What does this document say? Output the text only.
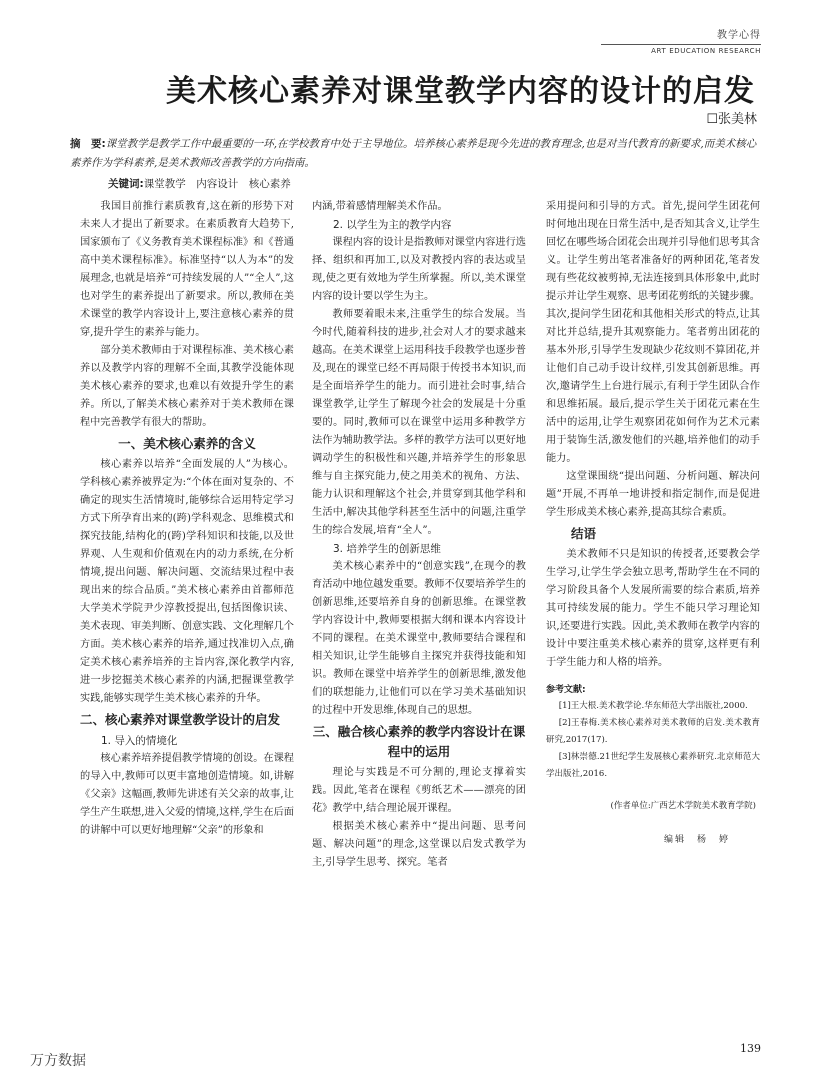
教学心得
ART EDUCATION RESEARCH
美术核心素养对课堂教学内容的设计的启发
☐张美林
摘　要:课堂教学是教学工作中最重要的一环,在学校教育中处于主导地位。培养核心素养是现今先进的教育理念,也是对当代教育的新要求,而美术核心素养作为学科素养,是美术教师改善教学的方向指南。
关键词:课堂教学　内容设计　核心素养

我国目前推行素质教育,这在新的形势下对未来人才提出了新要求。在素质教育大趋势下,国家颁布了《义务教育美术课程标准》和《普通高中美术课程标准》。标准坚持“以人为本”的发展理念,也就是培养“可持续发展的人”“全人”,这也对学生的素养提出了新要求。所以,教师在美术课堂的教学内容设计上,要注意核心素养的贯穿,提升学生的素养与能力。

部分美术教师由于对课程标准、美术核心素养以及教学内容的理解不全面,其教学没能体现美术核心素养的要求,也难以有效提升学生的素养。所以,了解美术核心素养对于美术教师在课程中完善教学有很大的帮助。

一、美术核心素养的含义

核心素养以培养“全面发展的人”为核心。学科核心素养被界定为:“个体在面对复杂的、不确定的现实生活情境时,能够综合运用特定学习方式下所孕育出来的(跨)学科观念、思维模式和探究技能,结构化的(跨)学科知识和技能,以及世界观、人生观和价值观在内的动力系统,在分析情境,提出问题、解决问题、交流结果过程中表现出来的综合品质。”美术核心素养由首都师范大学美术学院尹少淳教授提出,包括图像识读、美术表现、审美判断、创意实践、文化理解几个方面。美术核心素养的培养,通过找准切入点,确定美术核心素养培养的主旨内容,深化教学内容,进一步挖掘美术核心素养的内涵,把握课堂教学实践,能够实现学生美术核心素养的升华。

二、核心素养对课堂教学设计的启发
1. 导入的情境化

核心素养培养提倡教学情境的创设。在课程的导入中,教师可以更丰富地创造情境。如,讲解《父亲》这幅画,教师先讲述有关父亲的故事,让学生产生联想,进入父爱的情境,这样,学生在后面的讲解中可以更好地理解“父亲”的形象和

内涵,带着感情理解美术作品。

2. 以学生为主的教学内容

课程内容的设计是指教师对课堂内容进行选择、组织和再加工,以及对教授内容的表达或呈现,使之更有效地为学生所掌握。所以,美术课堂内容的设计要以学生为主。

教师要着眼未来,注重学生的综合发展。当今时代,随着科技的进步,社会对人才的要求越来越高。在美术课堂上运用科技手段教学也逐步普及,现在的课堂已经不再局限于传授书本知识,而是全面培养学生的能力。而引进社会时事,结合课堂教学,让学生了解现今社会的发展是十分重要的。同时,教师可以在课堂中运用多种教学方法作为辅助教学法。多样的教学方法可以更好地调动学生的积极性和兴趣,并培养学生的形象思维与自主探究能力,使之用美术的视角、方法、能力认识和理解这个社会,并贯穿到其他学科和生活中,解决其他学科甚至生活中的问题,注重学生的综合发展,培育“全人”。

3. 培养学生的创新思维

美术核心素养中的“创意实践”,在现今的教育活动中地位越发重要。教师不仅要培养学生的创新思维,还要培养自身的创新思维。在课堂教学内容设计中,教师要根据大纲和课本内容设计不同的课程。在美术课堂中,教师要结合课程和相关知识,让学生能够自主探究并获得技能和知识。教师在课堂中培养学生的创新思维,激发他们的联想能力,让他们可以在学习美术基础知识的过程中开发思维,体现自己的思想。

三、融合核心素养的教学内容设计在课程中的运用

理论与实践是不可分割的,理论支撑着实践。因此,笔者在课程《剪纸艺术——漂亮的团花》教学中,结合理论展开课程。

根据美术核心素养中“提出问题、思考问题、解决问题”的理念,这堂课以启发式教学为主,引导学生思考、探究。笔者

采用提问和引导的方式。首先,提问学生团花何时何地出现在日常生活中,是否知其含义,让学生回忆在哪些场合团花会出现并引导他们思考其含义。让学生剪出笔者准备好的两种团花,笔者发现有些花纹被剪掉,无法连接到具体形象中,此时提示并让学生观察、思考团花剪纸的关键步骤。其次,提问学生团花和其他相关形式的特点,让其对比并总结,提升其观察能力。笔者剪出团花的基本外形,引导学生发现缺少花纹则不算团花,并让他们自己动手设计纹样,引发其创新思维。再次,邀请学生上台进行展示,有利于学生团队合作和思维拓展。最后,提示学生关于团花元素在生活中的运用,让学生观察团花如何作为艺术元素用于装饰生活,激发他们的兴趣,培养他们的动手能力。

这堂课围绕“提出问题、分析问题、解决问题”开展,不再单一地讲授和指定制作,而是促进学生形成美术核心素养,提高其综合素质。

结语

美术教师不只是知识的传授者,还要教会学生学习,让学生学会独立思考,帮助学生在不同的学习阶段具备个人发展所需要的综合素质,培养其可持续发展的能力。学生不能只学习理论知识,还要进行实践。因此,美术教师在教学内容的设计中要注重美术核心素养的贯穿,这样更有利于学生能力和人格的培养。

参考文献:
[1]王大根.美术教学论.华东师范大学出版社,2000.
[2]王春梅.美术核心素养对美术教师的启发.美术教育研究,2017(17).
[3]林崇德.21世纪学生发展核心素养研究.北京师范大学出版社,2016.
(作者单位:广西艺术学院美术教育学院)
编辑　杨　婷
139
万方数据
